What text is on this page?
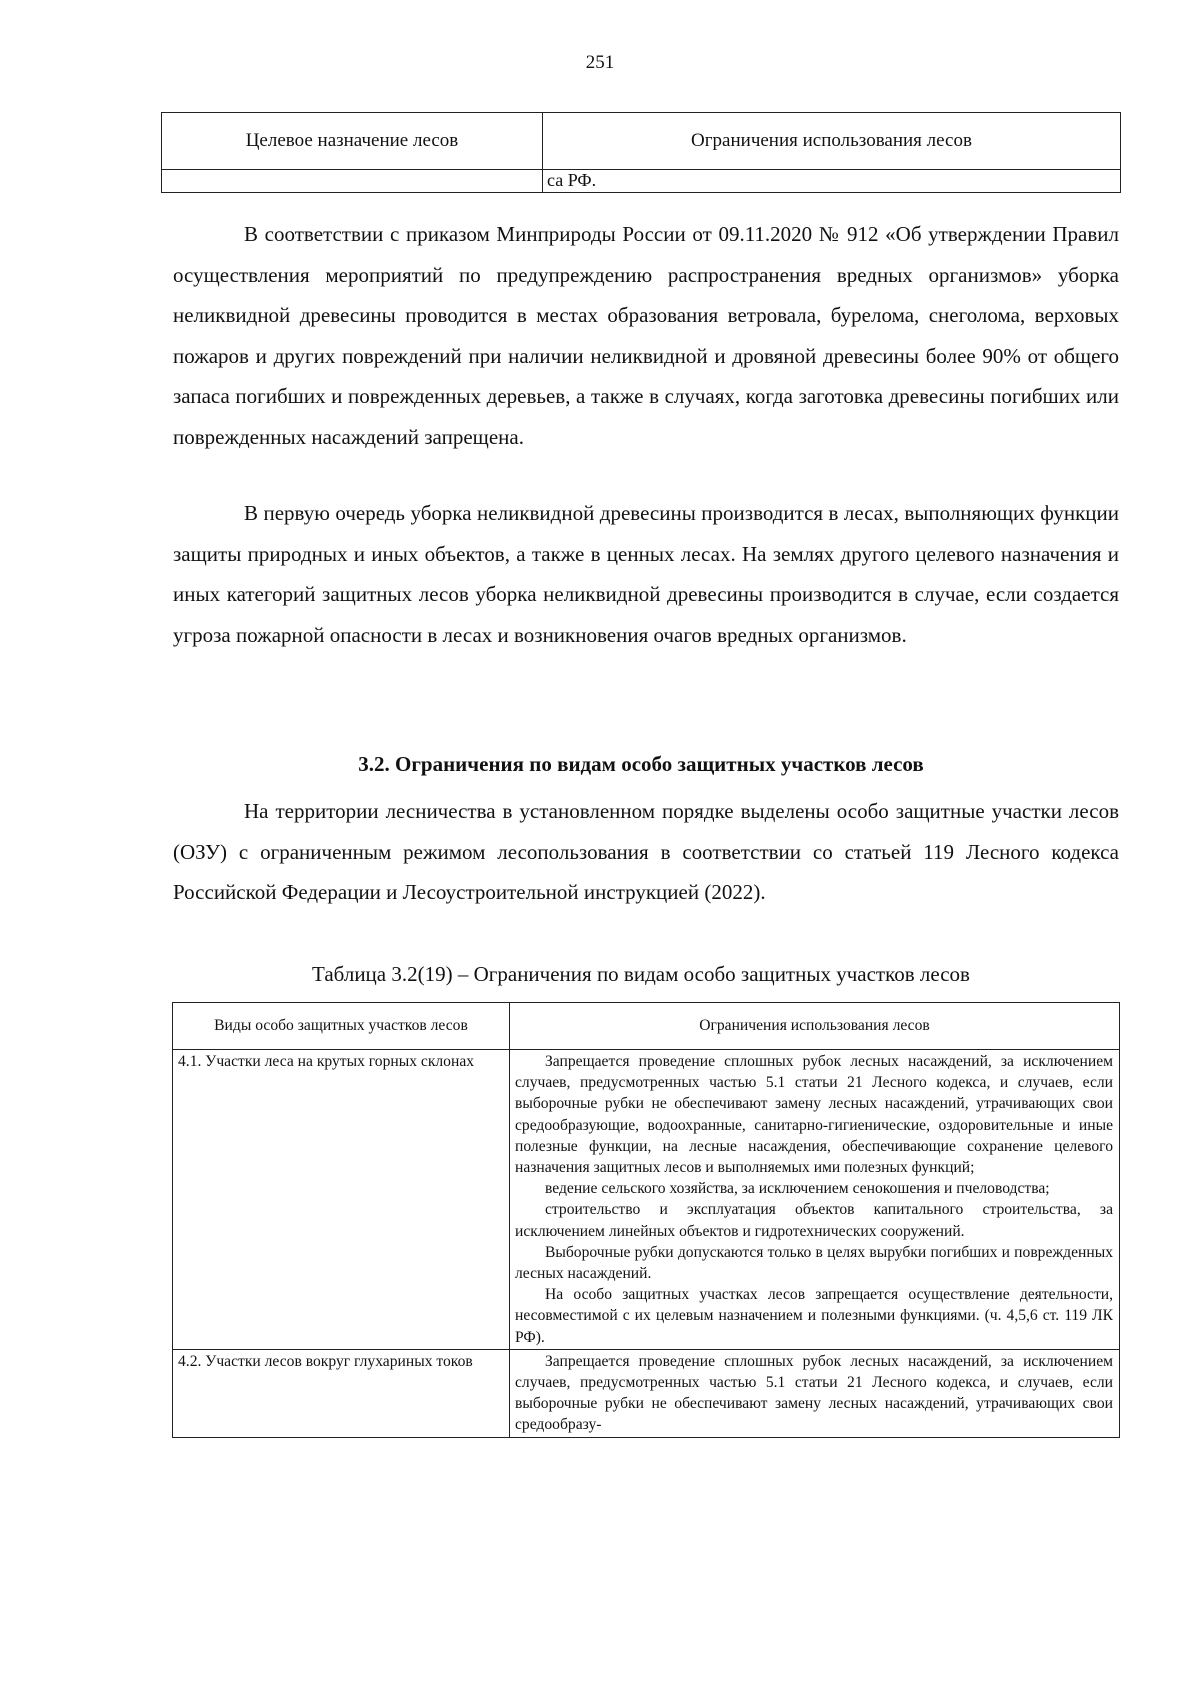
251
Целевое назначение лесов	Ограничения использования лесов
	са РФ.

В соответствии с приказом Минприроды России от 09.11.2020 № 912 «Об утверждении Правил осуществления мероприятий по предупреждению распространения вредных организмов» уборка неликвидной древесины проводится в местах образования ветровала, бурелома, снеголома, верховых пожаров и других повреждений при наличии неликвидной и дровяной древесины более 90% от общего запаса погибших и поврежденных деревьев, а также в случаях, когда заготовка древесины погибших или поврежденных насаждений запрещена.

В первую очередь уборка неликвидной древесины производится в лесах, выполняющих функции защиты природных и иных объектов, а также в ценных лесах. На землях другого целевого назначения и иных категорий защитных лесов уборка неликвидной древесины производится в случае, если создается угроза пожарной опасности в лесах и возникновения очагов вредных организмов.

3.2. Ограничения по видам особо защитных участков лесов

На территории лесничества в установленном порядке выделены особо защитные участки лесов (ОЗУ) с ограниченным режимом лесопользования в соответствии со статьей 119 Лесного кодекса Российской Федерации и Лесоустроительной инструкцией (2022).

Таблица 3.2(19) – Ограничения по видам особо защитных участков лесов

Виды особо защитных участков лесов	Ограничения использования лесов

4.1. Участки леса на крутых горных склонах	Запрещается проведение сплошных рубок лесных насаждений, за исключением случаев, предусмотренных частью 5.1 статьи 21 Лесного кодекса, и случаев, если выборочные рубки не обеспечивают замену лесных насаждений, утрачивающих свои средообразующие, водоохранные, санитарно-гигиенические, оздоровительные и иные полезные функции, на лесные насаждения, обеспечивающие сохранение целевого назначения защитных лесов и выполняемых ими полезных функций;

ведение сельского хозяйства, за исключением сенокошения и пчеловодства;

строительство и эксплуатация объектов капитального строительства, за исключением линейных объектов и гидротехнических сооружений.

Выборочные рубки допускаются только в целях вырубки погибших и поврежденных лесных насаждений.

На особо защитных участках лесов запрещается осуществление деятельности, несовместимой с их целевым назначением и полезными функциями. (ч. 4,5,6 ст. 119 ЛК РФ).

4.2. Участки лесов вокруг глухариных токов	Запрещается проведение сплошных рубок лесных насаждений, за исключением случаев, предусмотренных частью 5.1 статьи 21 Лесного кодекса, и случаев, если выборочные рубки не обеспечивают замену лесных насаждений, утрачивающих свои средообразу-
